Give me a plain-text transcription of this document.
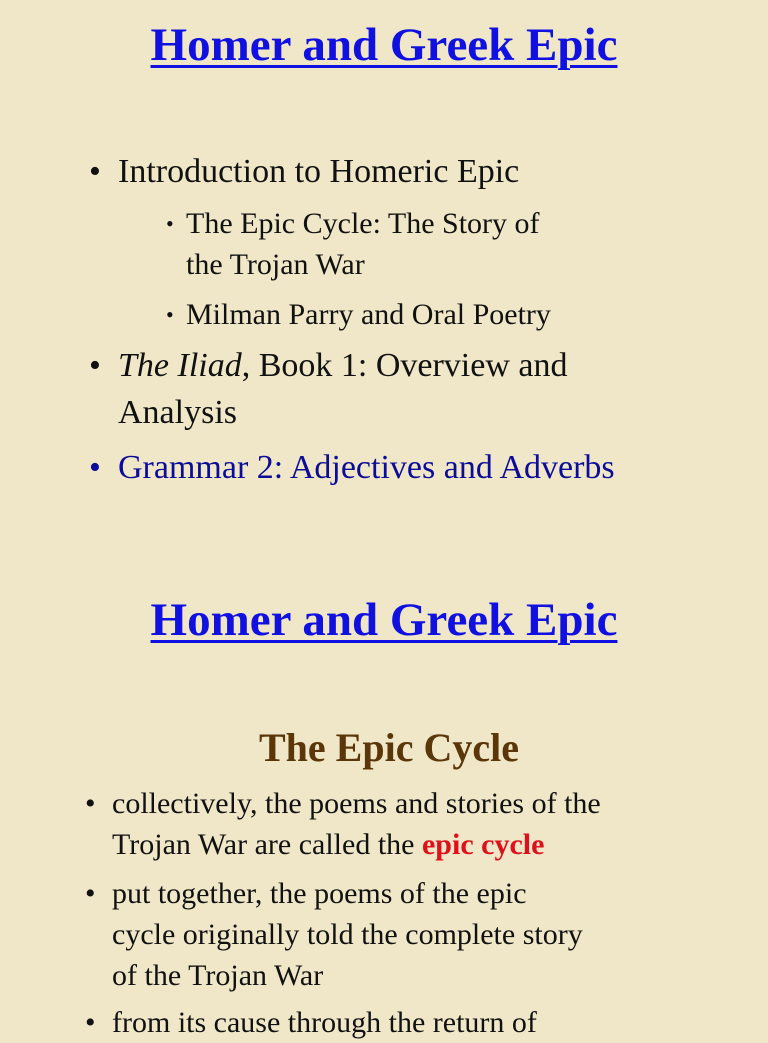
Homer and Greek Epic
• Introduction to Homeric Epic
• The Epic Cycle: The Story of
the Trojan War
• Milman Parry and Oral Poetry
• The Iliad, Book 1: Overview and
Analysis
• Grammar 2: Adjectives and Adverbs
Homer and Greek Epic
The Epic Cycle
• collectively, the poems and stories of the
Trojan War are called the epic cycle
• put together, the poems of the epic
cycle originally told the complete story
of the Trojan War
• from its cause through the return of
